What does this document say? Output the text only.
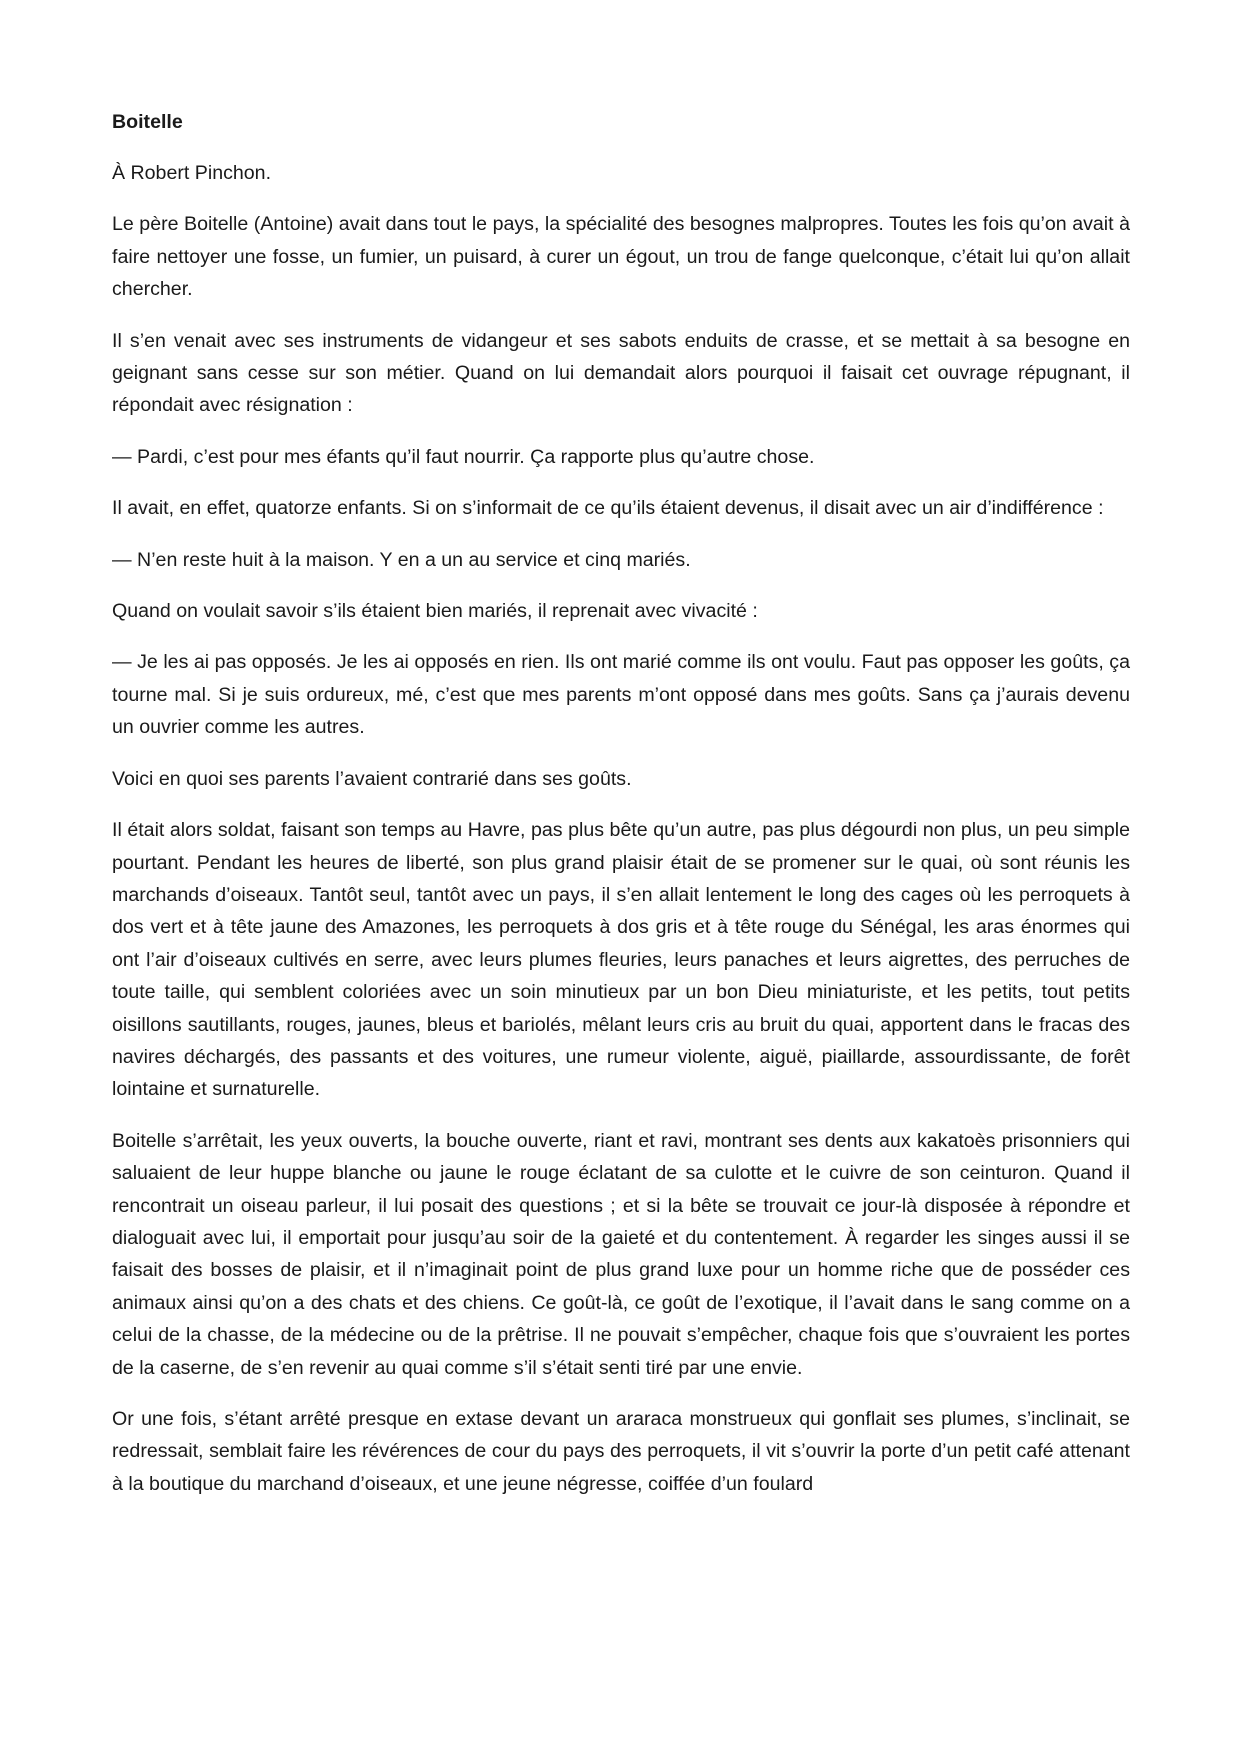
Boitelle

À Robert Pinchon.

Le père Boitelle (Antoine) avait dans tout le pays, la spécialité des besognes malpropres. Toutes les fois qu’on avait à faire nettoyer une fosse, un fumier, un puisard, à curer un égout, un trou de fange quelconque, c’était lui qu’on allait chercher.

Il s’en venait avec ses instruments de vidangeur et ses sabots enduits de crasse, et se mettait à sa besogne en geignant sans cesse sur son métier. Quand on lui demandait alors pourquoi il faisait cet ouvrage répugnant, il répondait avec résignation :

— Pardi, c’est pour mes éfants qu’il faut nourrir. Ça rapporte plus qu’autre chose.

Il avait, en effet, quatorze enfants. Si on s’informait de ce qu’ils étaient devenus, il disait avec un air d’indifférence :

— N’en reste huit à la maison. Y en a un au service et cinq mariés.

Quand on voulait savoir s’ils étaient bien mariés, il reprenait avec vivacité :

— Je les ai pas opposés. Je les ai opposés en rien. Ils ont marié comme ils ont voulu. Faut pas opposer les goûts, ça tourne mal. Si je suis ordureux, mé, c’est que mes parents m’ont opposé dans mes goûts. Sans ça j’aurais devenu un ouvrier comme les autres.

Voici en quoi ses parents l’avaient contrarié dans ses goûts.

Il était alors soldat, faisant son temps au Havre, pas plus bête qu’un autre, pas plus dégourdi non plus, un peu simple pourtant. Pendant les heures de liberté, son plus grand plaisir était de se promener sur le quai, où sont réunis les marchands d’oiseaux. Tantôt seul, tantôt avec un pays, il s’en allait lentement le long des cages où les perroquets à dos vert et à tête jaune des Amazones, les perroquets à dos gris et à tête rouge du Sénégal, les aras énormes qui ont l’air d’oiseaux cultivés en serre, avec leurs plumes fleuries, leurs panaches et leurs aigrettes, des perruches de toute taille, qui semblent coloriées avec un soin minutieux par un bon Dieu miniaturiste, et les petits, tout petits oisillons sautillants, rouges, jaunes, bleus et bariolés, mêlant leurs cris au bruit du quai, apportent dans le fracas des navires déchargés, des passants et des voitures, une rumeur violente, aiguë, piaillarde, assourdissante, de forêt lointaine et surnaturelle.

Boitelle s’arrêtait, les yeux ouverts, la bouche ouverte, riant et ravi, montrant ses dents aux kakatoès prisonniers qui saluaient de leur huppe blanche ou jaune le rouge éclatant de sa culotte et le cuivre de son ceinturon. Quand il rencontrait un oiseau parleur, il lui posait des questions ; et si la bête se trouvait ce jour-là disposée à répondre et dialoguait avec lui, il emportait pour jusqu’au soir de la gaieté et du contentement. À regarder les singes aussi il se faisait des bosses de plaisir, et il n’imaginait point de plus grand luxe pour un homme riche que de posséder ces animaux ainsi qu’on a des chats et des chiens. Ce goût-là, ce goût de l’exotique, il l’avait dans le sang comme on a celui de la chasse, de la médecine ou de la prêtrise. Il ne pouvait s’empêcher, chaque fois que s’ouvraient les portes de la caserne, de s’en revenir au quai comme s’il s’était senti tiré par une envie.

Or une fois, s’étant arrêté presque en extase devant un araraca monstrueux qui gonflait ses plumes, s’inclinait, se redressait, semblait faire les révérences de cour du pays des perroquets, il vit s’ouvrir la porte d’un petit café attenant à la boutique du marchand d’oiseaux, et une jeune négresse, coiffée d’un foulard
